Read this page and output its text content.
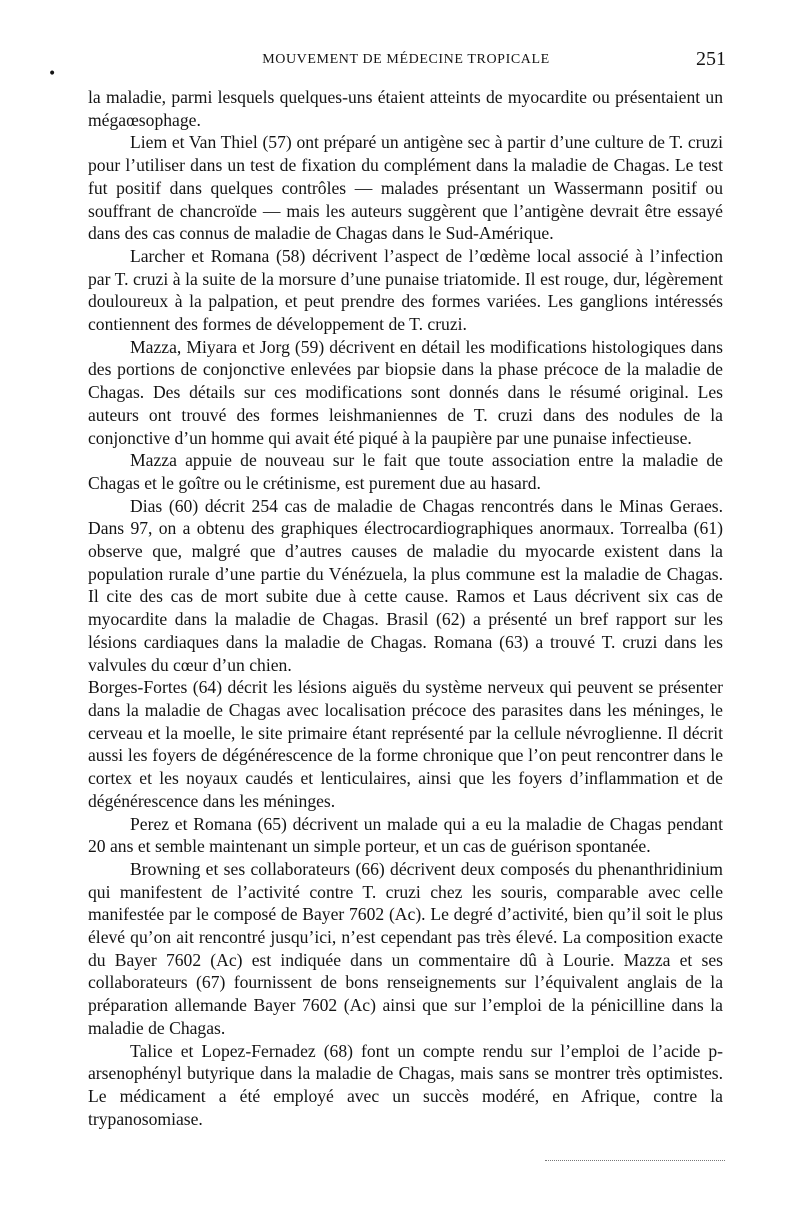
MOUVEMENT DE MÉDECINE TROPICALE	251
•

la maladie, parmi lesquels quelques-uns étaient atteints de myocardite ou présentaient un mégaœsophage.

Liem et Van Thiel (57) ont préparé un antigène sec à partir d’une culture de T. cruzi pour l’utiliser dans un test de fixation du complément dans la maladie de Chagas. Le test fut positif dans quelques contrôles — malades présentant un Wassermann positif ou souffrant de chancroïde — mais les auteurs suggèrent que l’antigène devrait être essayé dans des cas connus de maladie de Chagas dans le Sud-Amérique.

Larcher et Romana (58) décrivent l’aspect de l’œdème local associé à l’infection par T. cruzi à la suite de la morsure d’une punaise triatomide. Il est rouge, dur, légèrement douloureux à la palpation, et peut prendre des formes variées. Les ganglions intéressés contiennent des formes de développement de T. cruzi.

Mazza, Miyara et Jorg (59) décrivent en détail les modifications histologiques dans des portions de conjonctive enlevées par biopsie dans la phase précoce de la maladie de Chagas. Des détails sur ces modifications sont donnés dans le résumé original. Les auteurs ont trouvé des formes leishmaniennes de T. cruzi dans des nodules de la conjonctive d’un homme qui avait été piqué à la paupière par une punaise infectieuse.

Mazza appuie de nouveau sur le fait que toute association entre la maladie de Chagas et le goître ou le crétinisme, est purement due au hasard.

Dias (60) décrit 254 cas de maladie de Chagas rencontrés dans le Minas Geraes. Dans 97, on a obtenu des graphiques électrocardiographiques anormaux. Torrealba (61) observe que, malgré que d’autres causes de maladie du myocarde existent dans la population rurale d’une partie du Vénézuela, la plus commune est la maladie de Chagas. Il cite des cas de mort subite due à cette cause. Ramos et Laus décrivent six cas de myocardite dans la maladie de Chagas. Brasil (62) a présenté un bref rapport sur les lésions cardiaques dans la maladie de Chagas. Romana (63) a trouvé T. cruzi dans les valvules du cœur d’un chien.

Borges-Fortes (64) décrit les lésions aiguës du système nerveux qui peuvent se présenter dans la maladie de Chagas avec localisation précoce des parasites dans les méninges, le cerveau et la moelle, le site primaire étant représenté par la cellule névroglienne. Il décrit aussi les foyers de dégénérescence de la forme chronique que l’on peut rencontrer dans le cortex et les noyaux caudés et lenticulaires, ainsi que les foyers d’inflammation et de dégénérescence dans les méninges.

Perez et Romana (65) décrivent un malade qui a eu la maladie de Chagas pendant 20 ans et semble maintenant un simple porteur, et un cas de guérison spontanée.

Browning et ses collaborateurs (66) décrivent deux composés du phenanthridinium qui manifestent de l’activité contre T. cruzi chez les souris, comparable avec celle manifestée par le composé de Bayer 7602 (Ac). Le degré d’activité, bien qu’il soit le plus élevé qu’on ait rencontré jusqu’ici, n’est cependant pas très élevé. La composition exacte du Bayer 7602 (Ac) est indiquée dans un commentaire dû à Lourie. Mazza et ses collaborateurs (67) fournissent de bons renseignements sur l’équivalent anglais de la préparation allemande Bayer 7602 (Ac) ainsi que sur l’emploi de la pénicilline dans la maladie de Chagas.

Talice et Lopez-Fernadez (68) font un compte rendu sur l’emploi de l’acide p-arsenophényl butyrique dans la maladie de Chagas, mais sans se montrer très optimistes. Le médicament a été employé avec un succès modéré, en Afrique, contre la trypanosomiase.
